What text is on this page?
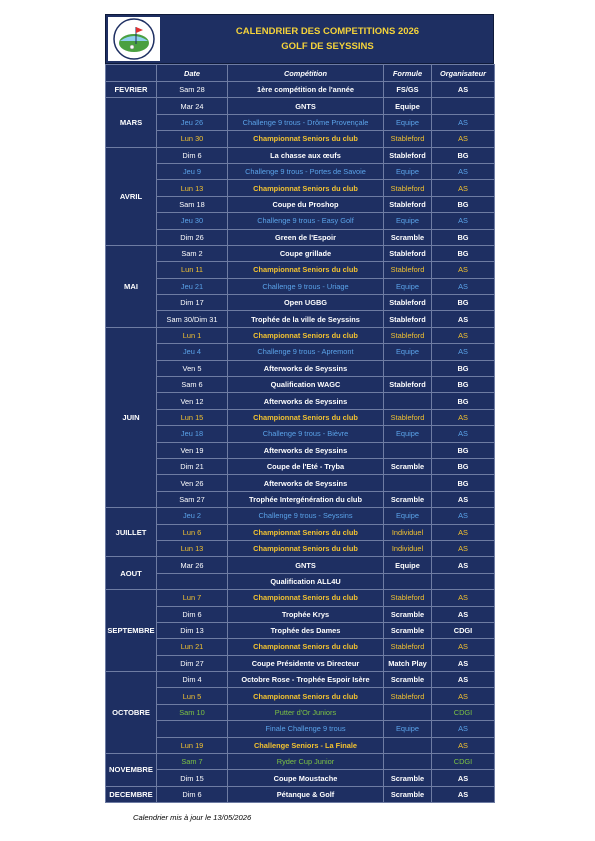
CALENDRIER DES COMPETITIONS 2026
GOLF DE SEYSSINS
	Date	Compétition	Formule	Organisateur
FEVRIER	Sam 28	1ère compétition de l'année	FS/GS	AS
MARS	Mar 24	GNTS	Equipe	
	Jeu 26	Challenge 9 trous - Drôme Provençale	Equipe	AS
	Lun 30	Championnat Seniors du club	Stableford	AS
AVRIL	Dim 6	La chasse aux œufs	Stableford	BG
	Jeu 9	Challenge 9 trous - Portes de Savoie	Equipe	AS
	Lun 13	Championnat Seniors du club	Stableford	AS
	Sam 18	Coupe du Proshop	Stableford	BG
	Jeu 30	Challenge 9 trous - Easy Golf	Equipe	AS
	Dim 26	Green de l'Espoir	Scramble	BG
MAI	Sam 2	Coupe grillade	Stableford	BG
	Lun 11	Championnat Seniors du club	Stableford	AS
	Jeu 21	Challenge 9 trous - Uriage	Equipe	AS
	Dim 17	Open UGBG	Stableford	BG
	Sam 30/Dim 31	Trophée de la ville de Seyssins	Stableford	AS
JUIN	Lun 1	Championnat Seniors du club	Stableford	AS
	Jeu 4	Challenge 9 trous - Apremont	Equipe	AS
	Ven 5	Afterworks de Seyssins		BG
	Sam 6	Qualification WAGC	Stableford	BG
	Ven 12	Afterworks de Seyssins		BG
	Lun 15	Championnat Seniors du club	Stableford	AS
	Jeu 18	Challenge 9 trous - Bièvre	Equipe	AS
	Ven 19	Afterworks de Seyssins		BG
	Dim 21	Coupe de l'Eté - Tryba	Scramble	BG
	Ven 26	Afterworks de Seyssins		BG
	Sam 27	Trophée Intergénération du club	Scramble	AS
JUILLET	Jeu 2	Challenge 9 trous - Seyssins	Equipe	AS
	Lun 6	Championnat Seniors du club	Individuel	AS
	Lun 13	Championnat Seniors du club	Individuel	AS
AOUT	Mar 26	GNTS	Equipe	AS
		Qualification ALL4U		
SEPTEMBRE	Lun 7	Championnat Seniors du club	Stableford	AS
	Dim 6	Trophée Krys	Scramble	AS
	Dim 13	Trophée des Dames	Scramble	CDGI
	Lun 21	Championnat Seniors du club	Stableford	AS
	Dim 27	Coupe Présidente vs Directeur	Match Play	AS
OCTOBRE	Dim 4	Octobre Rose - Trophée Espoir Isère	Scramble	AS
	Lun 5	Championnat Seniors du club	Stableford	AS
	Sam 10	Putter d'Or Juniors		CDGI
		Finale Challenge 9 trous	Equipe	AS
	Lun 19	Challenge Seniors - La Finale		AS
NOVEMBRE	Sam 7	Ryder Cup Junior		CDGI
	Dim 15	Coupe Moustache	Scramble	AS
DECEMBRE	Dim 6	Pétanque & Golf	Scramble	AS
Calendrier mis à jour le 13/05/2026
